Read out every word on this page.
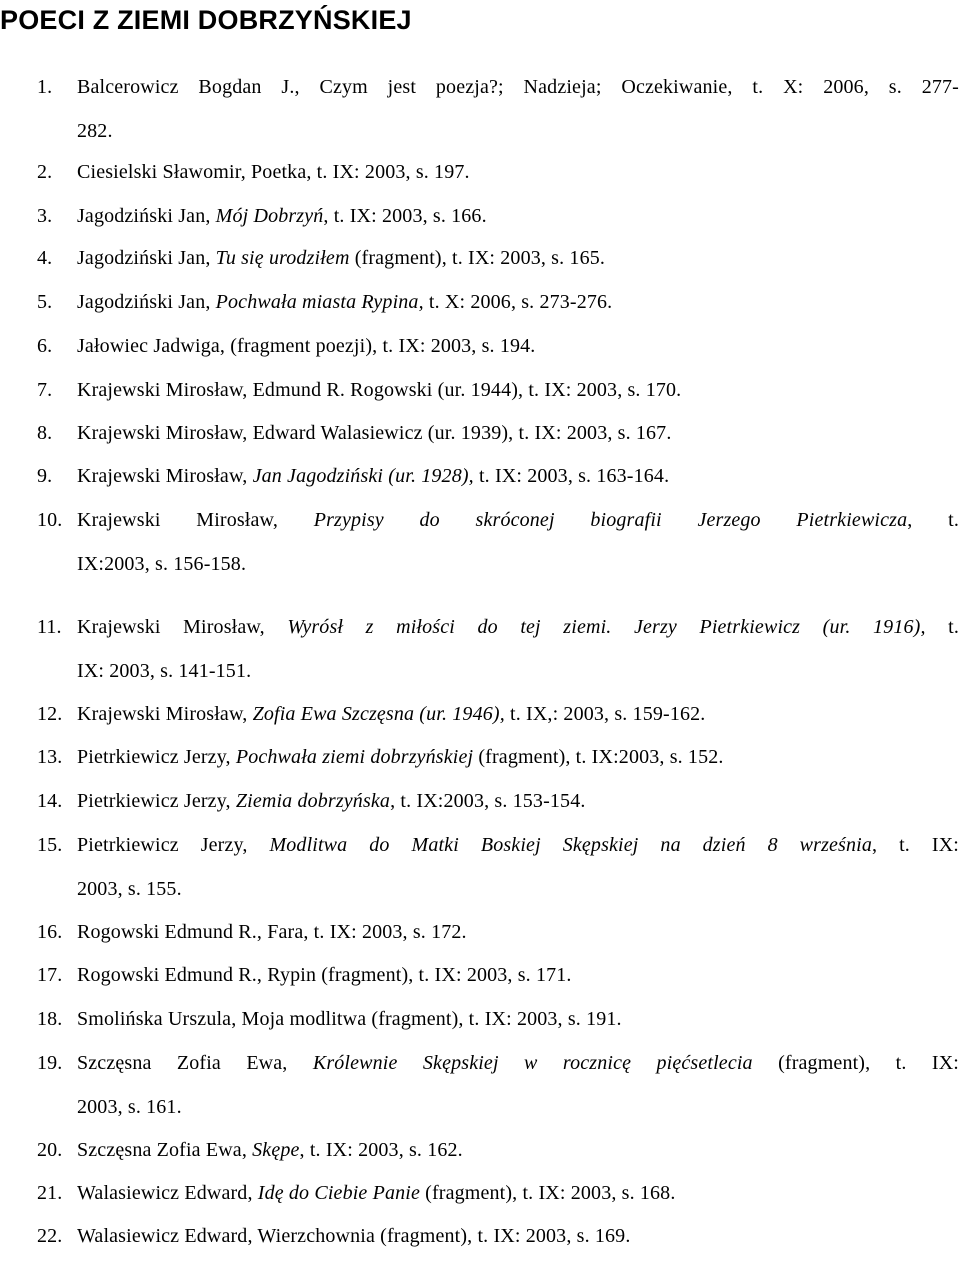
POECI Z ZIEMI DOBRZYŃSKIEJ
1. Balcerowicz Bogdan J., Czym jest poezja?; Nadzieja; Oczekiwanie, t. X: 2006, s. 277-
282.
2. Ciesielski Sławomir, Poetka, t. IX: 2003, s. 197.
3. Jagodziński Jan, Mój Dobrzyń, t. IX: 2003, s. 166.
4. Jagodziński Jan, Tu się urodziłem (fragment), t. IX: 2003, s. 165.
5. Jagodziński Jan, Pochwała miasta Rypina, t. X: 2006, s. 273-276.
6. Jałowiec Jadwiga, (fragment poezji), t. IX: 2003, s. 194.
7. Krajewski Mirosław, Edmund R. Rogowski (ur. 1944), t. IX: 2003, s. 170.
8. Krajewski Mirosław, Edward Walasiewicz (ur. 1939), t. IX: 2003, s. 167.
9. Krajewski Mirosław, Jan Jagodziński (ur. 1928), t. IX: 2003, s. 163-164.
10. Krajewski Mirosław, Przypisy do skróconej biografii Jerzego Pietrkiewicza, t.
IX:2003, s. 156-158.
11. Krajewski Mirosław, Wyrósł z miłości do tej ziemi. Jerzy Pietrkiewicz (ur. 1916), t.
IX: 2003, s. 141-151.
12. Krajewski Mirosław, Zofia Ewa Szczęsna (ur. 1946), t. IX,: 2003, s. 159-162.
13. Pietrkiewicz Jerzy, Pochwała ziemi dobrzyńskiej (fragment), t. IX:2003, s. 152.
14. Pietrkiewicz Jerzy, Ziemia dobrzyńska, t. IX:2003, s. 153-154.
15. Pietrkiewicz Jerzy, Modlitwa do Matki Boskiej Skępskiej na dzień 8 września, t. IX:
2003, s. 155.
16. Rogowski Edmund R., Fara, t. IX: 2003, s. 172.
17. Rogowski Edmund R., Rypin (fragment), t. IX: 2003, s. 171.
18. Smolińska Urszula, Moja modlitwa (fragment), t. IX: 2003, s. 191.
19. Szczęsna Zofia Ewa, Królewnie Skępskiej w rocznicę pięćsetlecia (fragment), t. IX:
2003, s. 161.
20. Szczęsna Zofia Ewa, Skępe, t. IX: 2003, s. 162.
21. Walasiewicz Edward, Idę do Ciebie Panie (fragment), t. IX: 2003, s. 168.
22. Walasiewicz Edward, Wierzchownia (fragment), t. IX: 2003, s. 169.
